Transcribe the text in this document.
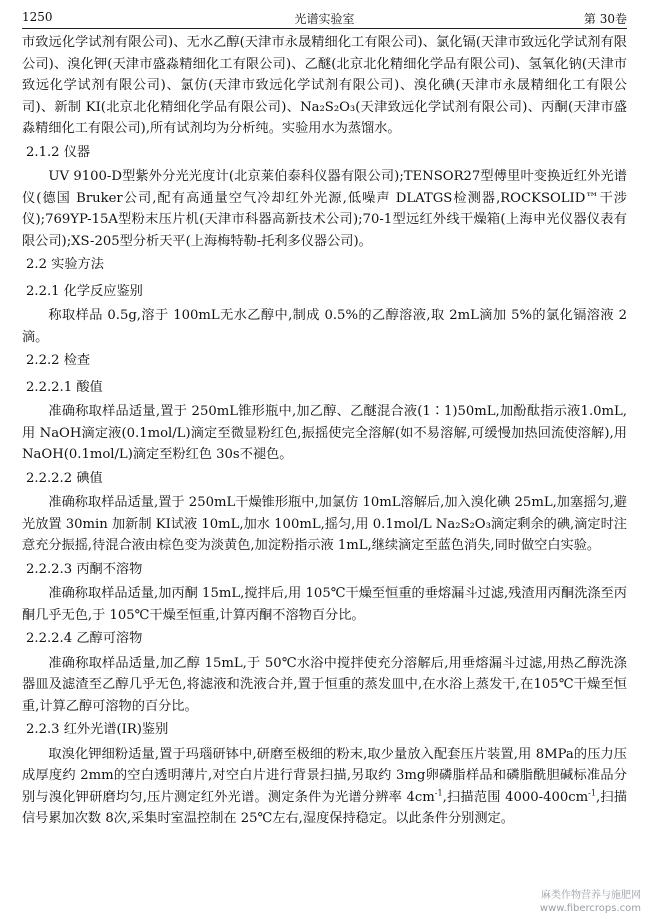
1250	光谱实验室	第 30卷

市致远化学试剂有限公司)、无水乙醇(天津市永晟精细化工有限公司)、氯化镉(天津市致远化学试剂有限公司)、溴化钾(天津市盛淼精细化工有限公司)、乙醚(北京北化精细化学品有限公司)、氢氧化钠(天津市致远化学试剂有限公司)、氯仿(天津市致远化学试剂有限公司)、溴化碘(天津市永晟精细化工有限公司)、新制 KI(北京北化精细化学品有限公司)、Na₂S₂O₃(天津致远化学试剂有限公司)、丙酮(天津市盛淼精细化工有限公司),所有试剂均为分析纯。实验用水为蒸馏水。

2.1.2 仪器

UV 9100-D型紫外分光光度计(北京莱伯泰科仪器有限公司);TENSOR27型傅里叶变换近红外光谱仪(德国 Bruker公司,配有高通量空气冷却红外光源,低噪声 DLATGS检测器,ROCKSOLID™干涉仪);769YP-15A型粉末压片机(天津市科器高新技术公司);70-1型远红外线干燥箱(上海申光仪器仪表有限公司);XS-205型分析天平(上海梅特勒-托利多仪器公司)。

2.2 实验方法

2.2.1 化学反应鉴别

称取样品 0.5g,溶于 100mL无水乙醇中,制成 0.5%的乙醇溶液,取 2mL滴加 5%的氯化镉溶液 2滴。

2.2.2 检查

2.2.2.1 酸值

准确称取样品适量,置于 250mL锥形瓶中,加乙醇、乙醚混合液(1∶1)50mL,加酚酞指示液1.0mL,用 NaOH滴定液(0.1mol/L)滴定至微显粉红色,振摇使完全溶解(如不易溶解,可缓慢加热回流使溶解),用 NaOH(0.1mol/L)滴定至粉红色 30s不褪色。

2.2.2.2 碘值

准确称取样品适量,置于 250mL干燥锥形瓶中,加氯仿 10mL溶解后,加入溴化碘 25mL,加塞摇匀,避光放置 30min 加新制 KI试液 10mL,加水 100mL,摇匀,用 0.1mol/L Na₂S₂O₃滴定剩余的碘,滴定时注意充分振摇,待混合液由棕色变为淡黄色,加淀粉指示液 1mL,继续滴定至蓝色消失,同时做空白实验。

2.2.2.3 丙酮不溶物

准确称取样品适量,加丙酮 15mL,搅拌后,用 105℃干燥至恒重的垂熔漏斗过滤,残渣用丙酮洗涤至丙酮几乎无色,于 105℃干燥至恒重,计算丙酮不溶物百分比。

2.2.2.4 乙醇可溶物

准确称取样品适量,加乙醇 15mL,于 50℃水浴中搅拌使充分溶解后,用垂熔漏斗过滤,用热乙醇洗涤器皿及滤渣至乙醇几乎无色,将滤液和洗液合并,置于恒重的蒸发皿中,在水浴上蒸发干,在105℃干燥至恒重,计算乙醇可溶物的百分比。

2.2.3 红外光谱(IR)鉴别

取溴化钾细粉适量,置于玛瑙研钵中,研磨至极细的粉末,取少量放入配套压片装置,用 8MPa的压力压成厚度约 2mm的空白透明薄片,对空白片进行背景扫描,另取约 3mg卵磷脂样品和磷脂酰胆碱标准品分别与溴化钾研磨均匀,压片测定红外光谱。测定条件为光谱分辨率 $4cm^{-1}$,扫描范围 $4000-400cm^{-1}$,扫描信号累加次数 8次,采集时室温控制在 25℃左右,湿度保持稳定。以此条件分别测定。

麻类作物营养与施肥网
www.fibercrops.com
